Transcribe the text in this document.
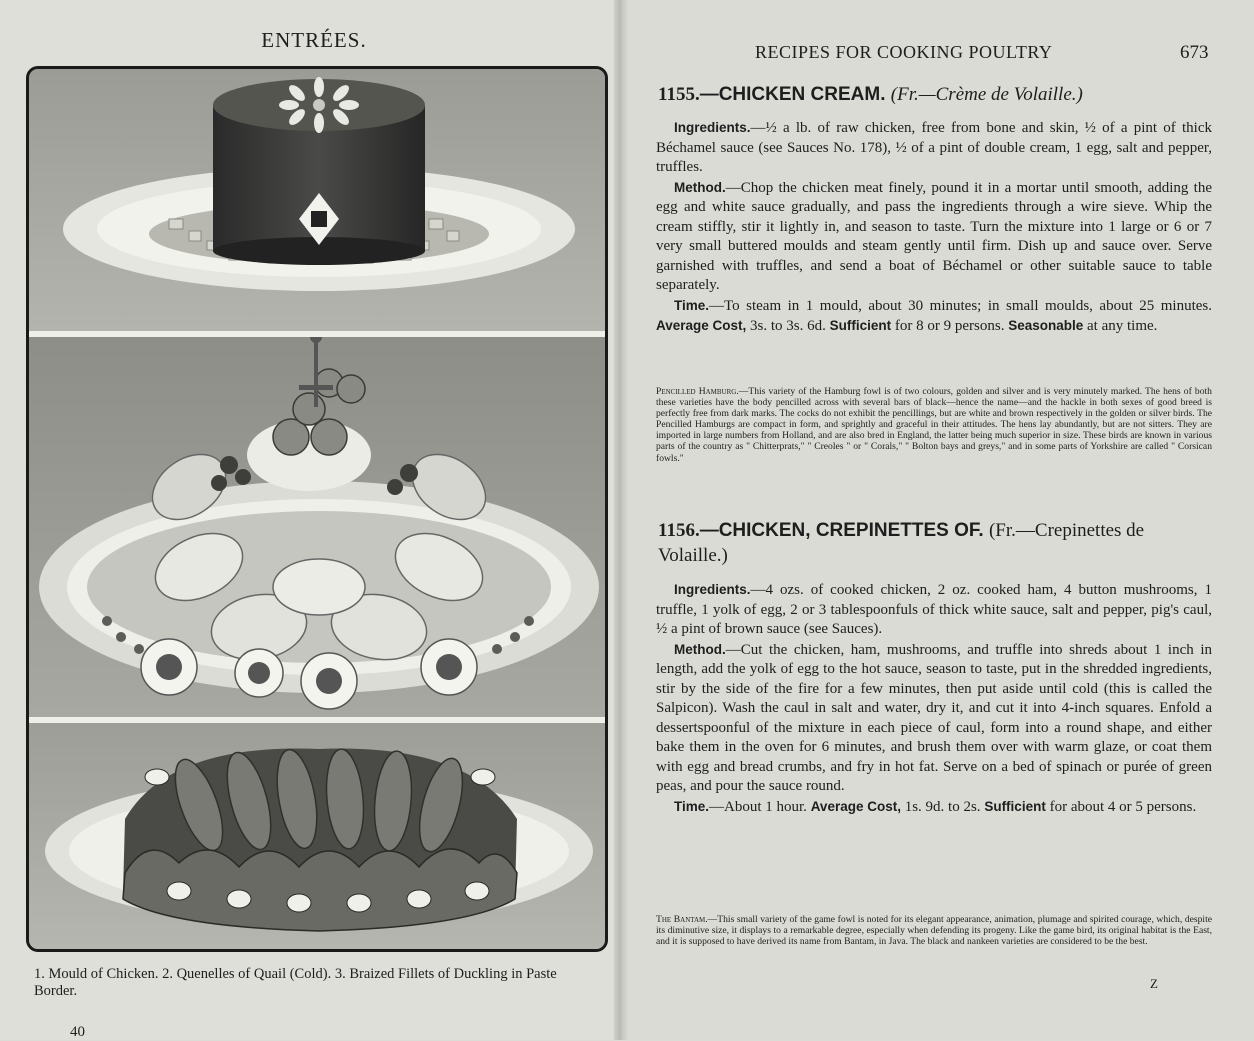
ENTRÉES.
1. Mould of Chicken. 2. Quenelles of Quail (Cold). 3. Braized Fillets of Duckling in Paste Border.
40
RECIPES FOR COOKING POULTRY	673
1155.—CHICKEN CREAM. (Fr.—Crème de Volaille.)

Ingredients.—½ a lb. of raw chicken, free from bone and skin, ½ of a pint of thick Béchamel sauce (see Sauces No. 178), ½ of a pint of double cream, 1 egg, salt and pepper, truffles.

Method.—Chop the chicken meat finely, pound it in a mortar until smooth, adding the egg and white sauce gradually, and pass the ingredients through a wire sieve. Whip the cream stiffly, stir it lightly in, and season to taste. Turn the mixture into 1 large or 6 or 7 very small buttered moulds and steam gently until firm. Dish up and sauce over. Serve garnished with truffles, and send a boat of Béchamel or other suitable sauce to table separately.

Time.—To steam in 1 mould, about 30 minutes; in small moulds, about 25 minutes. Average Cost, 3s. to 3s. 6d. Sufficient for 8 or 9 persons. Seasonable at any time.

Pencilled Hamburg.—This variety of the Hamburg fowl is of two colours, golden and silver and is very minutely marked. The hens of both these varieties have the body pencilled across with several bars of black—hence the name—and the hackle in both sexes of good breed is perfectly free from dark marks. The cocks do not exhibit the pencillings, but are white and brown respectively in the golden or silver birds. The Pencilled Hamburgs are compact in form, and sprightly and graceful in their attitudes. The hens lay abundantly, but are not sitters. They are imported in large numbers from Holland, and are also bred in England, the latter being much superior in size. These birds are known in various parts of the country as " Chitterprats," " Creoles " or " Corals," " Bolton bays and greys," and in some parts of Yorkshire are called " Corsican fowls."
1156.—CHICKEN, CREPINETTES OF. (Fr.—Crepinettes de Volaille.)

Ingredients.—4 ozs. of cooked chicken, 2 oz. cooked ham, 4 button mushrooms, 1 truffle, 1 yolk of egg, 2 or 3 tablespoonfuls of thick white sauce, salt and pepper, pig's caul, ½ a pint of brown sauce (see Sauces).

Method.—Cut the chicken, ham, mushrooms, and truffle into shreds about 1 inch in length, add the yolk of egg to the hot sauce, season to taste, put in the shredded ingredients, stir by the side of the fire for a few minutes, then put aside until cold (this is called the Salpicon). Wash the caul in salt and water, dry it, and cut it into 4-inch squares. Enfold a dessertspoonful of the mixture in each piece of caul, form into a round shape, and either bake them in the oven for 6 minutes, and brush them over with warm glaze, or coat them with egg and bread crumbs, and fry in hot fat. Serve on a bed of spinach or purée of green peas, and pour the sauce round.

Time.—About 1 hour. Average Cost, 1s. 9d. to 2s. Sufficient for about 4 or 5 persons.

The Bantam.—This small variety of the game fowl is noted for its elegant appearance, animation, plumage and spirited courage, which, despite its diminutive size, it displays to a remarkable degree, especially when defending its progeny. Like the game bird, its original habitat is the East, and it is supposed to have derived its name from Bantam, in Java. The black and nankeen varieties are considered to be the best.
Z
